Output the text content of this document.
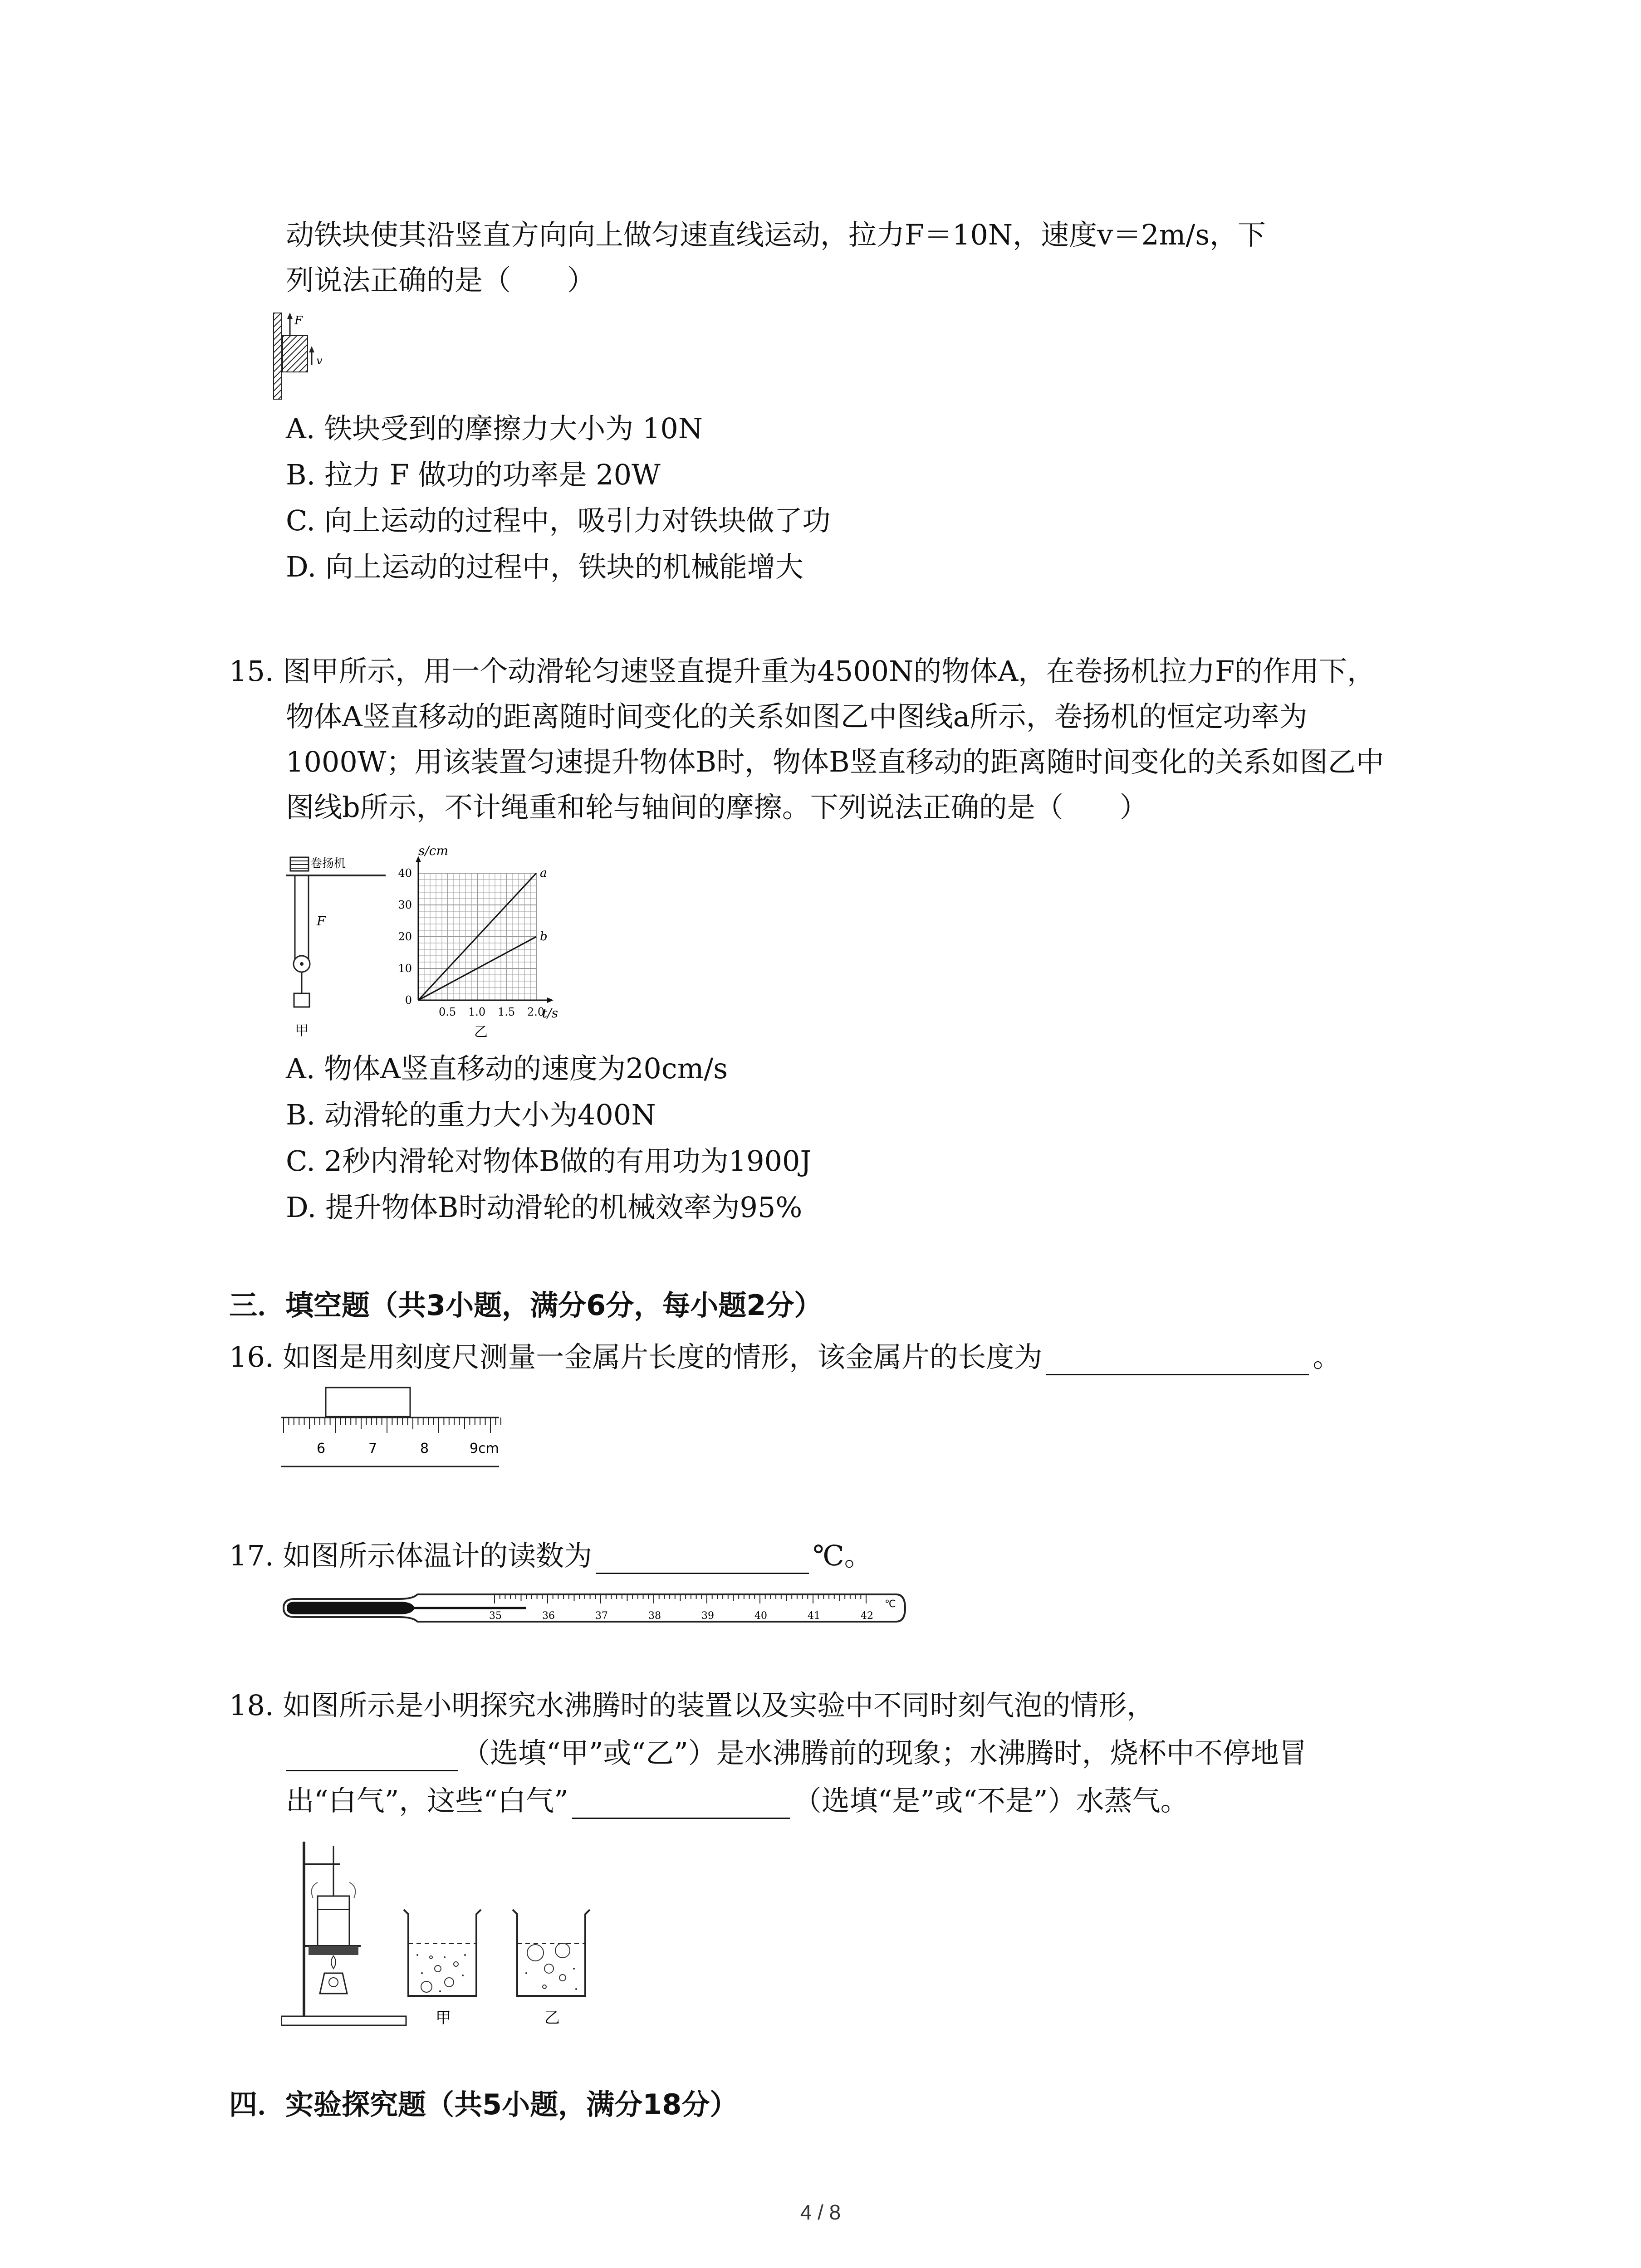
动铁块使其沿竖直方向向上做匀速直线运动，拉力F＝10N，速度v＝2m/s，下
列说法正确的是（　　）
F
v
A. 铁块受到的摩擦力大小为 10N
B. 拉力 F 做功的功率是 20W
C. 向上运动的过程中，吸引力对铁块做了功
D. 向上运动的过程中，铁块的机械能增大
15. 图甲所示，用一个动滑轮匀速竖直提升重为4500N的物体A，在卷扬机拉力F的作用下，
物体A竖直移动的距离随时间变化的关系如图乙中图线a所示，卷扬机的恒定功率为
1000W；用该装置匀速提升物体B时，物体B竖直移动的距离随时间变化的关系如图乙中
图线b所示，不计绳重和轮与轴间的摩擦。下列说法正确的是（　　）
卷扬机
F
甲
a
b
0.5 1.0 1.5 2.0
0
10
20
30
40
s/cm
t/s
乙
A. 物体A竖直移动的速度为20cm/s
B. 动滑轮的重力大小为400N
C. 2秒内滑轮对物体B做的有用功为1900J
D. 提升物体B时动滑轮的机械效率为95%
三．填空题（共3小题，满分6分，每小题2分）
16. 如图是用刻度尺测量一金属片长度的情形，该金属片的长度为	。
6	7	8	9cm
17. 如图所示体温计的读数为	℃。
35	36	37	38	39	40	41	42
℃
18. 如图所示是小明探究水沸腾时的装置以及实验中不同时刻气泡的情形，
（选填“甲”或“乙”）是水沸腾前的现象；水沸腾时，烧杯中不停地冒
出“白气”，这些“白气”	（选填“是”或“不是”）水蒸气。
甲	乙
四．实验探究题（共5小题，满分18分）
4 / 8
